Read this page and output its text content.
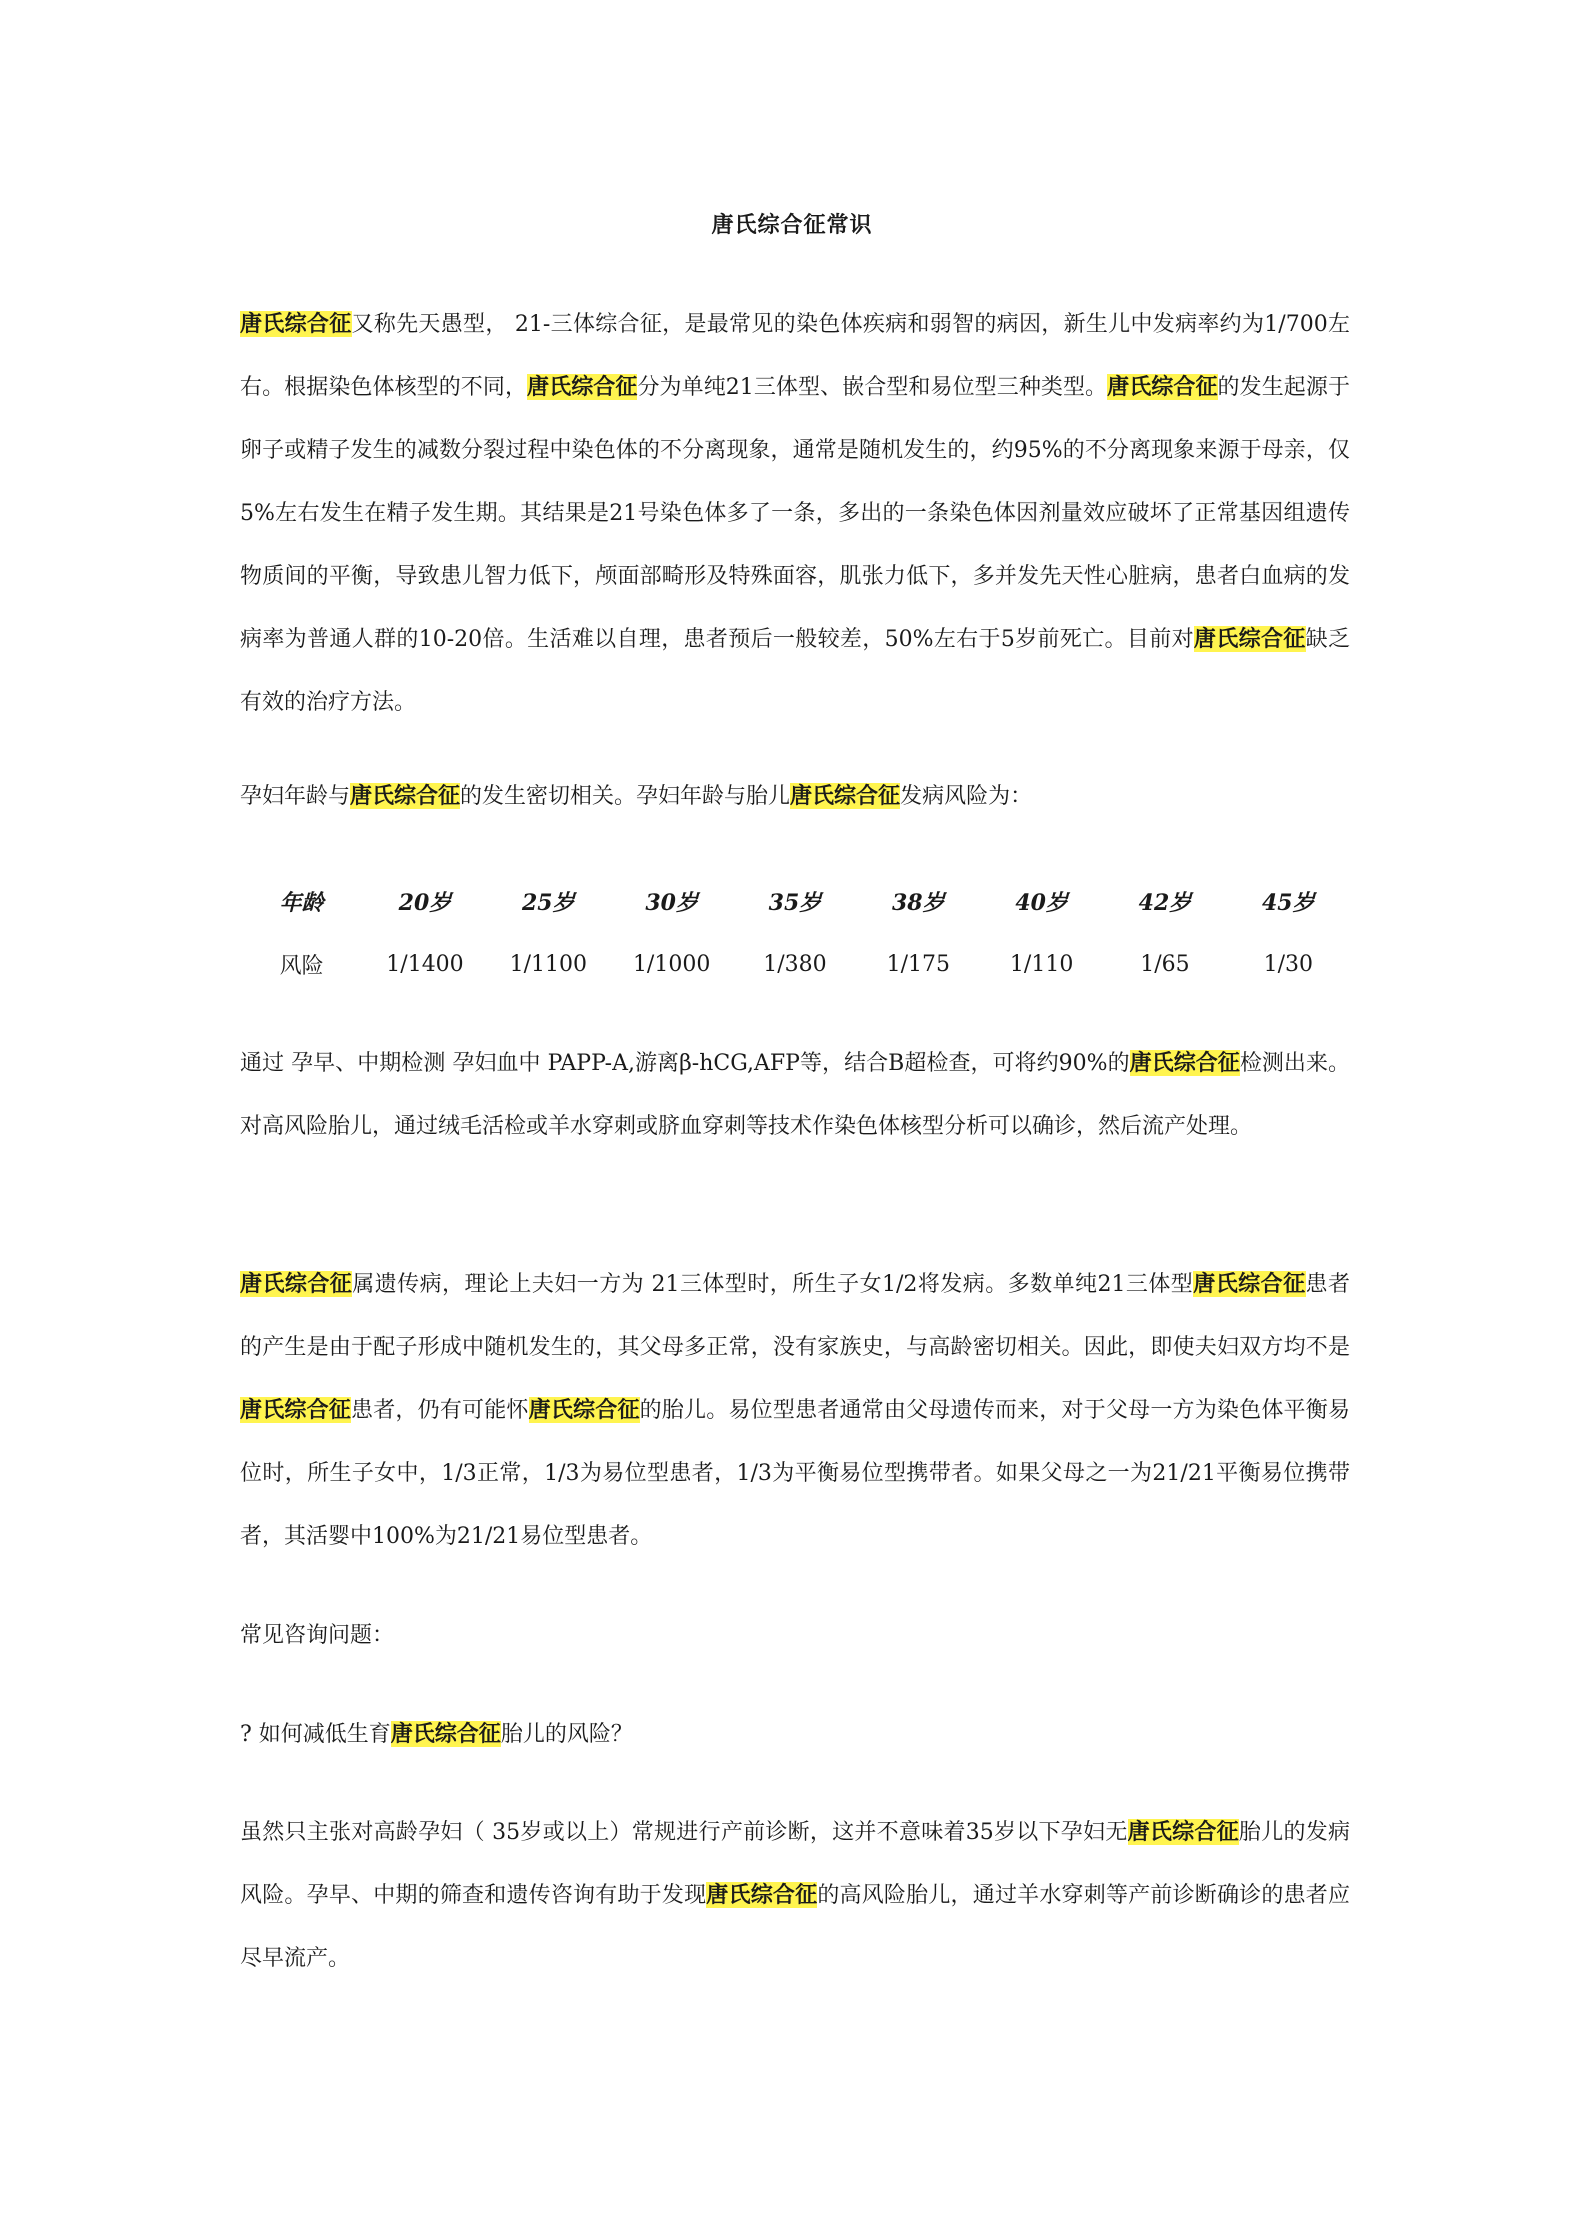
唐氏综合征常识

唐氏综合征又称先天愚型， 21-三体综合征，是最常见的染色体疾病和弱智的病因，新生儿中发病率约为1/700左右。根据染色体核型的不同，唐氏综合征分为单纯21三体型、嵌合型和易位型三种类型。唐氏综合征的发生起源于卵子或精子发生的减数分裂过程中染色体的不分离现象，通常是随机发生的，约95%的不分离现象来源于母亲，仅5%左右发生在精子发生期。其结果是21号染色体多了一条，多出的一条染色体因剂量效应破坏了正常基因组遗传物质间的平衡，导致患儿智力低下，颅面部畸形及特殊面容，肌张力低下，多并发先天性心脏病，患者白血病的发病率为普通人群的10-20倍。生活难以自理，患者预后一般较差，50%左右于5岁前死亡。目前对唐氏综合征缺乏有效的治疗方法。

孕妇年龄与唐氏综合征的发生密切相关。孕妇年龄与胎儿唐氏综合征发病风险为：

年龄	20岁	25岁	30岁	35岁	38岁	40岁	42岁	45岁
风险	1/1400	1/1100	1/1000	1/380	1/175	1/110	1/65	1/30

通过 孕早、中期检测 孕妇血中 PAPP-A,游离β-hCG,AFP等，结合B超检查，可将约90%的唐氏综合征检测出来。对高风险胎儿，通过绒毛活检或羊水穿刺或脐血穿刺等技术作染色体核型分析可以确诊，然后流产处理。

唐氏综合征属遗传病，理论上夫妇一方为 21三体型时，所生子女1/2将发病。多数单纯21三体型唐氏综合征患者的产生是由于配子形成中随机发生的，其父母多正常，没有家族史，与高龄密切相关。因此，即使夫妇双方均不是唐氏综合征患者，仍有可能怀唐氏综合征的胎儿。易位型患者通常由父母遗传而来，对于父母一方为染色体平衡易位时，所生子女中，1/3正常，1/3为易位型患者，1/3为平衡易位型携带者。如果父母之一为21/21平衡易位携带者，其活婴中100%为21/21易位型患者。

常见咨询问题：

? 如何减低生育唐氏综合征胎儿的风险？

虽然只主张对高龄孕妇（ 35岁或以上）常规进行产前诊断，这并不意味着35岁以下孕妇无唐氏综合征胎儿的发病风险。孕早、中期的筛查和遗传咨询有助于发现唐氏综合征的高风险胎儿，通过羊水穿刺等产前诊断确诊的患者应尽早流产。
